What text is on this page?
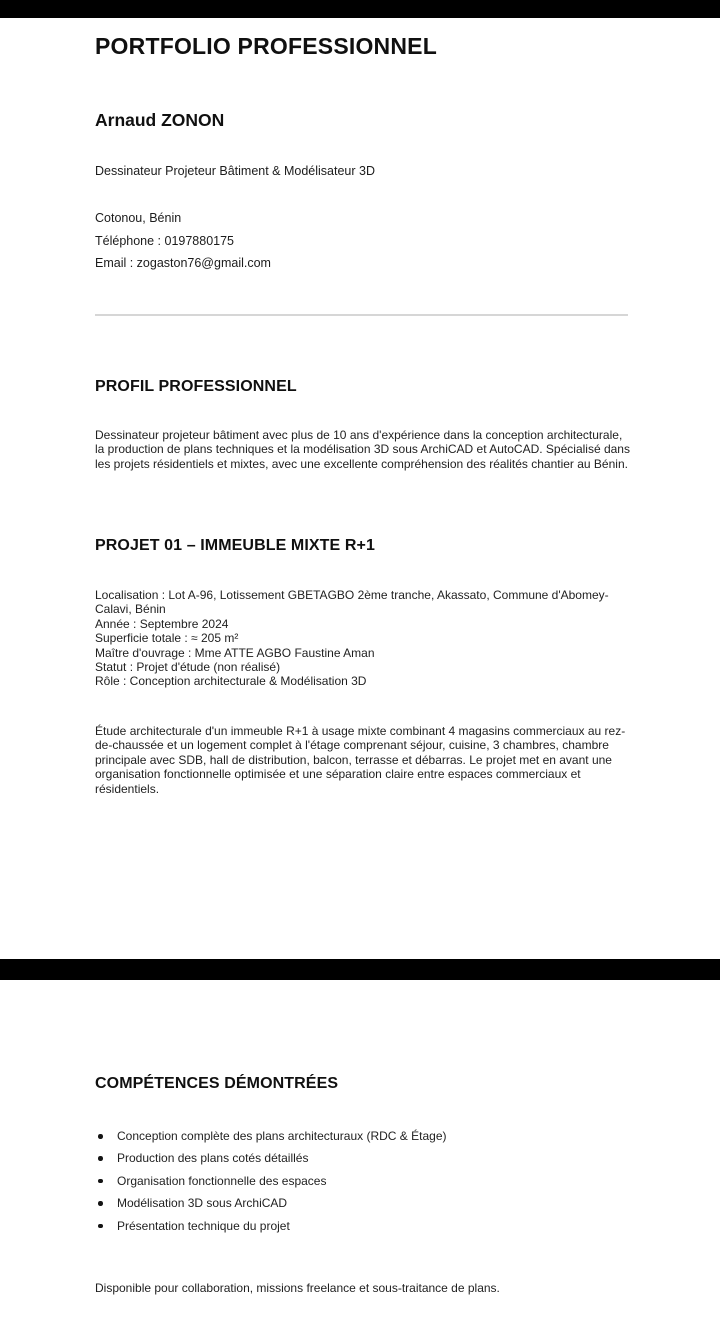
PORTFOLIO PROFESSIONNEL
Arnaud ZONON

Dessinateur Projeteur Bâtiment & Modélisateur 3D

Cotonou, Bénin

Téléphone : 0197880175

Email : zogaston76@gmail.com

PROFIL PROFESSIONNEL

Dessinateur projeteur bâtiment avec plus de 10 ans d'expérience dans la conception architecturale, la production de plans techniques et la modélisation 3D sous ArchiCAD et AutoCAD. Spécialisé dans les projets résidentiels et mixtes, avec une excellente compréhension des réalités chantier au Bénin.

PROJET 01 – IMMEUBLE MIXTE R+1
Localisation : Lot A-96, Lotissement GBETAGBO 2ème tranche, Akassato, Commune d'Abomey-Calavi, Bénin
Année : Septembre 2024
Superficie totale : ≈ 205 m²
Maître d'ouvrage : Mme ATTE AGBO Faustine Aman
Statut : Projet d'étude (non réalisé)
Rôle : Conception architecturale & Modélisation 3D

Étude architecturale d'un immeuble R+1 à usage mixte combinant 4 magasins commerciaux au rez-de-chaussée et un logement complet à l'étage comprenant séjour, cuisine, 3 chambres, chambre principale avec SDB, hall de distribution, balcon, terrasse et débarras. Le projet met en avant une organisation fonctionnelle optimisée et une séparation claire entre espaces commerciaux et résidentiels.

COMPÉTENCES DÉMONTRÉES
Conception complète des plans architecturaux (RDC & Étage)
Production des plans cotés détaillés
Organisation fonctionnelle des espaces
Modélisation 3D sous ArchiCAD
Présentation technique du projet

Disponible pour collaboration, missions freelance et sous-traitance de plans.
